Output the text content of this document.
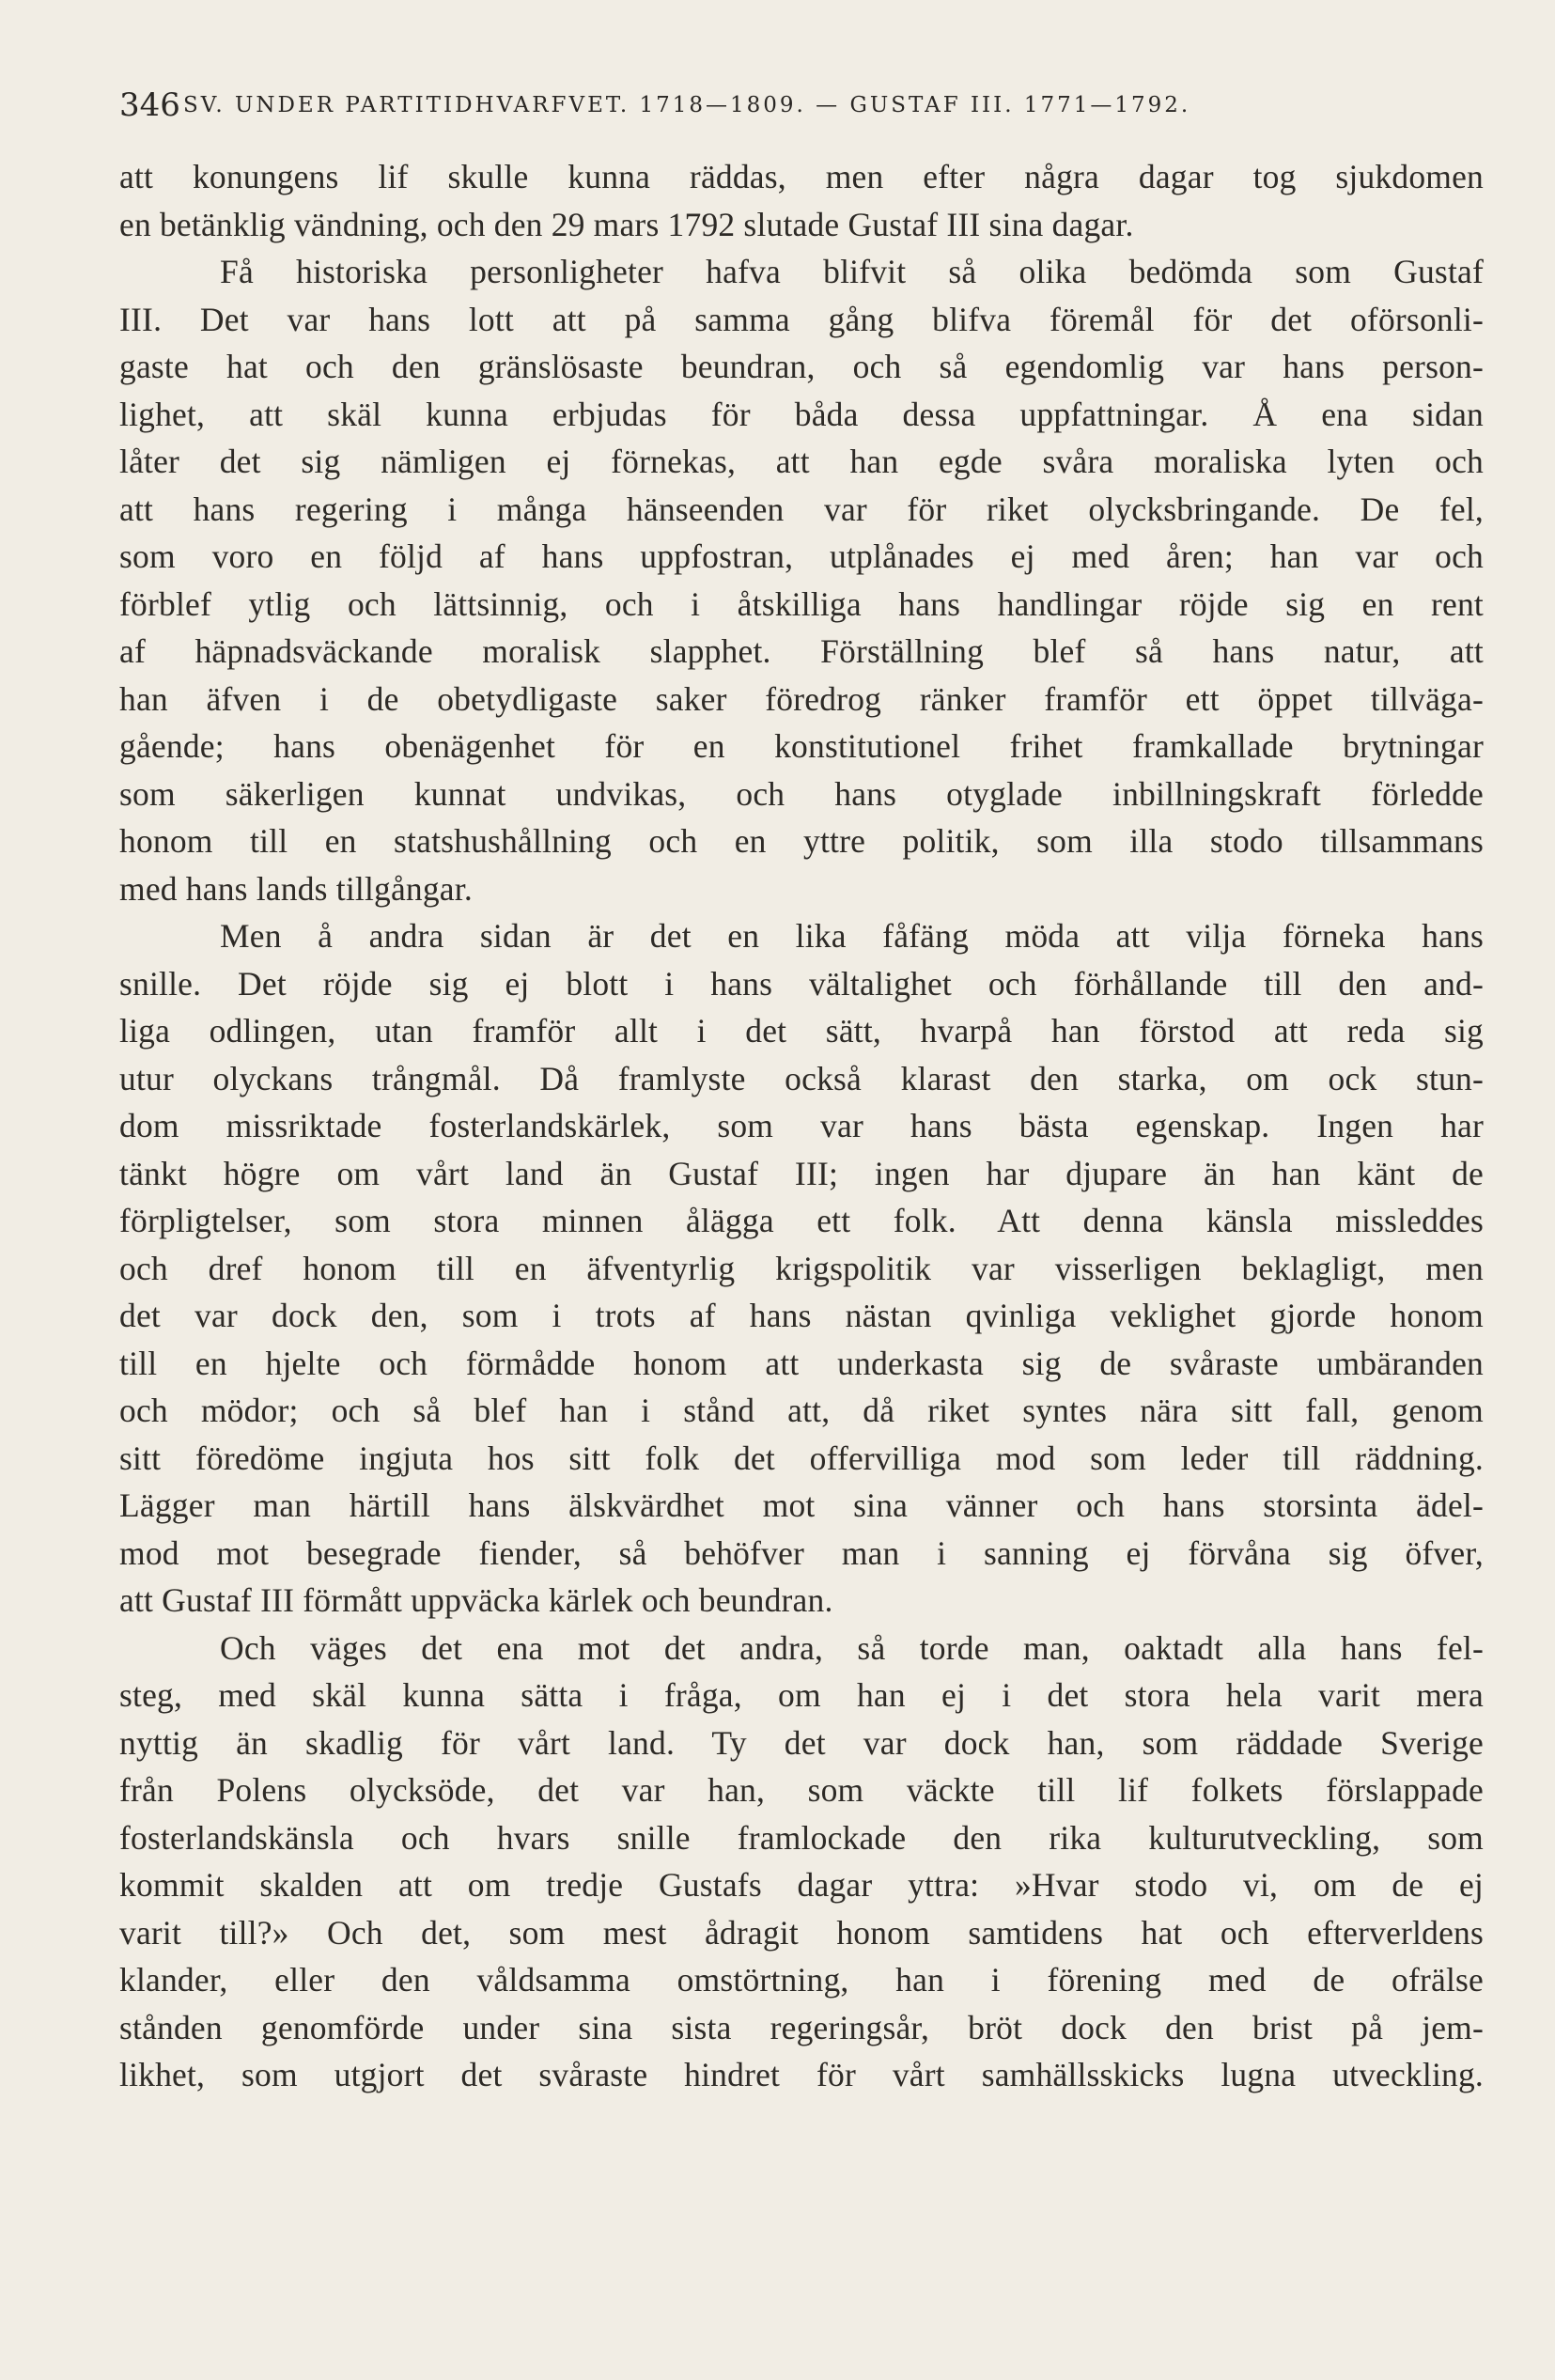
346 SV. UNDER PARTITIDHVARFVET. 1718—1809. — GUSTAF III. 1771—1792.
att konungens lif skulle kunna räddas, men efter några dagar tog sjukdomen
en betänklig vändning, och den 29 mars 1792 slutade Gustaf III sina dagar.
Få historiska personligheter hafva blifvit så olika bedömda som Gustaf
III. Det var hans lott att på samma gång blifva föremål för det oförsonli-
gaste hat och den gränslösaste beundran, och så egendomlig var hans person-
lighet, att skäl kunna erbjudas för båda dessa uppfattningar. Å ena sidan
låter det sig nämligen ej förnekas, att han egde svåra moraliska lyten och
att hans regering i många hänseenden var för riket olycksbringande. De fel,
som voro en följd af hans uppfostran, utplånades ej med åren; han var och
förblef ytlig och lättsinnig, och i åtskilliga hans handlingar röjde sig en rent
af häpnadsväckande moralisk slapphet. Förställning blef så hans natur, att
han äfven i de obetydligaste saker föredrog ränker framför ett öppet tillväga-
gående; hans obenägenhet för en konstitutionel frihet framkallade brytningar
som säkerligen kunnat undvikas, och hans otyglade inbillningskraft förledde
honom till en statshushållning och en yttre politik, som illa stodo tillsammans
med hans lands tillgångar.
Men å andra sidan är det en lika fåfäng möda att vilja förneka hans
snille. Det röjde sig ej blott i hans vältalighet och förhållande till den and-
liga odlingen, utan framför allt i det sätt, hvarpå han förstod att reda sig
utur olyckans trångmål. Då framlyste också klarast den starka, om ock stun-
dom missriktade fosterlandskärlek, som var hans bästa egenskap. Ingen har
tänkt högre om vårt land än Gustaf III; ingen har djupare än han känt de
förpligtelser, som stora minnen ålägga ett folk. Att denna känsla missleddes
och dref honom till en äfventyrlig krigspolitik var visserligen beklagligt, men
det var dock den, som i trots af hans nästan qvinliga veklighet gjorde honom
till en hjelte och förmådde honom att underkasta sig de svåraste umbäranden
och mödor; och så blef han i stånd att, då riket syntes nära sitt fall, genom
sitt föredöme ingjuta hos sitt folk det offervilliga mod som leder till räddning.
Lägger man härtill hans älskvärdhet mot sina vänner och hans storsinta ädel-
mod mot besegrade fiender, så behöfver man i sanning ej förvåna sig öfver,
att Gustaf III förmått uppväcka kärlek och beundran.
Och väges det ena mot det andra, så torde man, oaktadt alla hans fel-
steg, med skäl kunna sätta i fråga, om han ej i det stora hela varit mera
nyttig än skadlig för vårt land. Ty det var dock han, som räddade Sverige
från Polens olycksöde, det var han, som väckte till lif folkets förslappade
fosterlandskänsla och hvars snille framlockade den rika kulturutveckling, som
kommit skalden att om tredje Gustafs dagar yttra: »Hvar stodo vi, om de ej
varit till?» Och det, som mest ådragit honom samtidens hat och efterverldens
klander, eller den våldsamma omstörtning, han i förening med de ofrälse
stånden genomförde under sina sista regeringsår, bröt dock den brist på jem-
likhet, som utgjort det svåraste hindret för vårt samhällsskicks lugna utveckling.
